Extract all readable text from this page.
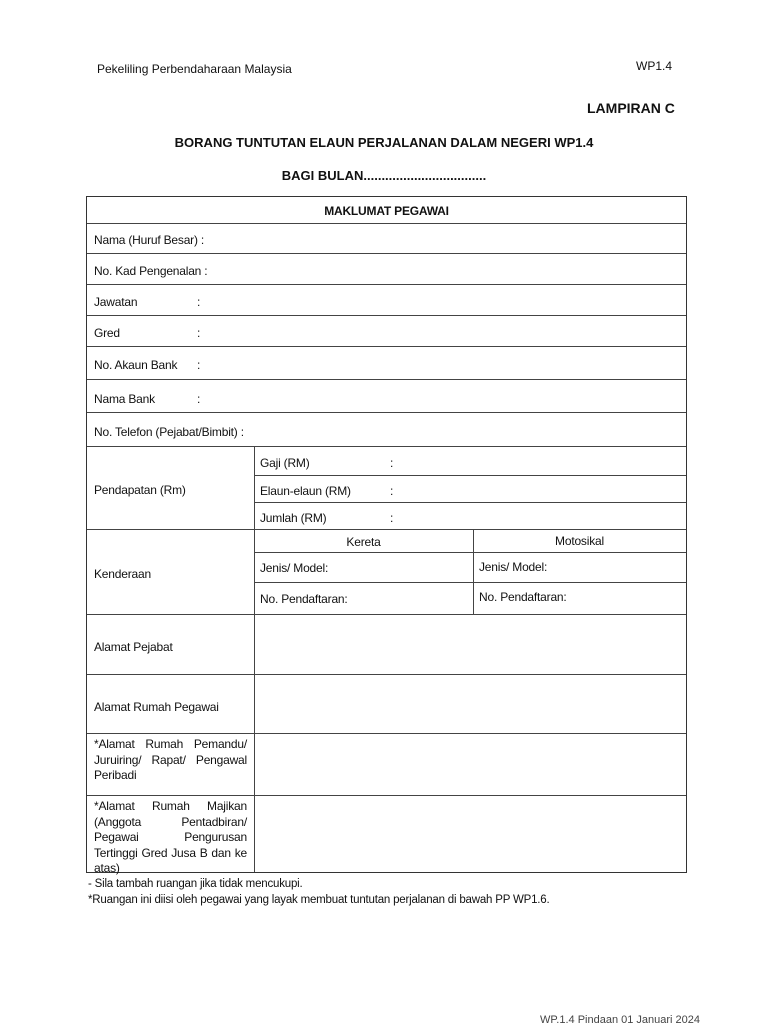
Pekeliling Perbendaharaan Malaysia	WP1.4
LAMPIRAN C
BORANG TUNTUTAN ELAUN PERJALANAN DALAM NEGERI WP1.4
BAGI BULAN..................................
MAKLUMAT PEGAWAI
Nama (Huruf Besar) :
No. Kad Pengenalan :
Jawatan	:
Gred	:
No. Akaun Bank :
Nama Bank	:
No. Telefon (Pejabat/Bimbit) :
Pendapatan (Rm)
Gaji (RM)	:
Elaun-elaun (RM)	:
Jumlah (RM)	:
Kenderaan
Kereta	Motosikal
Jenis/ Model:	Jenis/ Model:
No. Pendaftaran:	No. Pendaftaran:
Alamat Pejabat
Alamat Rumah Pegawai
*Alamat Rumah Pemandu/ Juruiring/ Rapat/ Pengawal Peribadi
*Alamat Rumah Majikan (Anggota Pentadbiran/ Pegawai Pengurusan Tertinggi Gred Jusa B dan ke atas)
- Sila tambah ruangan jika tidak mencukupi.
*Ruangan ini diisi oleh pegawai yang layak membuat tuntutan perjalanan di bawah PP WP1.6.
WP.1.4 Pindaan 01 Januari 2024
